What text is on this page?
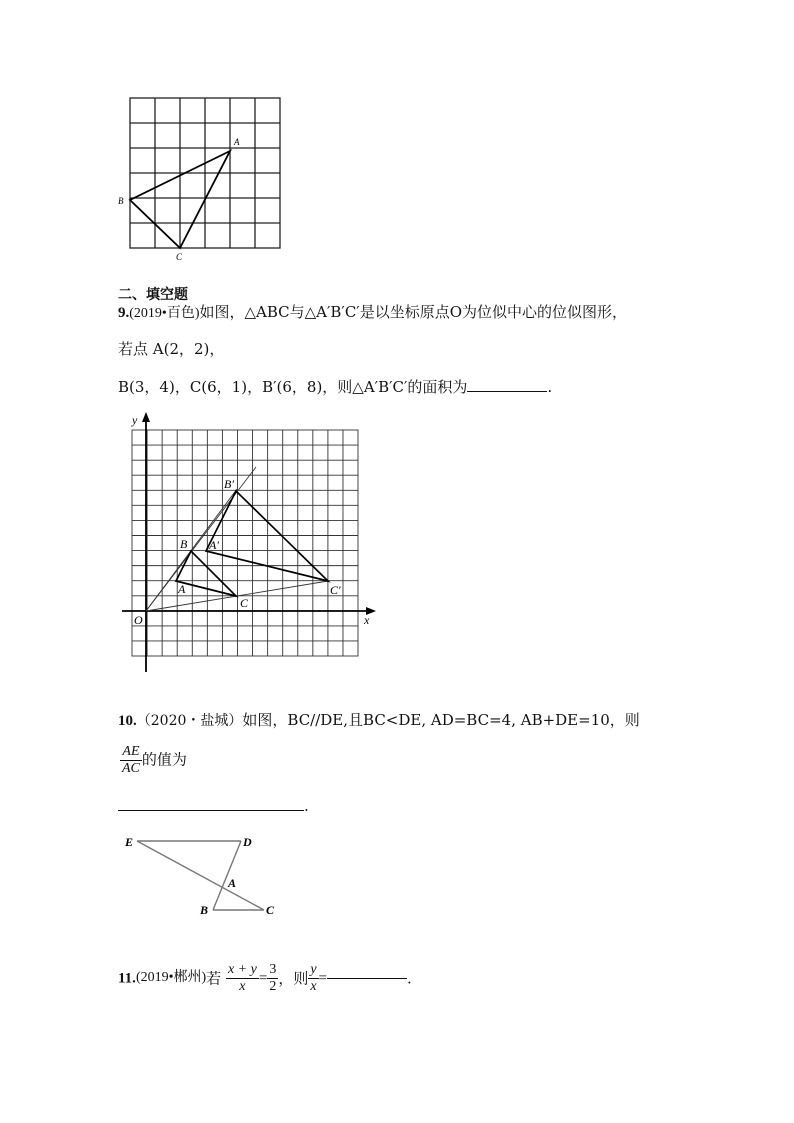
A
B
C
二、填空题
9.(2019•百色)如图，△ABC与△A′B′C′是以坐标原点O为位似中心的位似图形，
若点 A(2，2)，
B(3，4)，C(6，1)，B′(6，8)，则△A′B′C′的面积为	.
y
x
O
A
B
C
A′
B′
C′
10.（2020・盐城）如图，BC//DE,且BC<DE, AD=BC=4, AB+DE=10，则
$\frac{AE}{AC}$ 的值为
.
E	D
A
B	C
11.(2019•郴州)若 $\frac{x + y}{x} = \frac{3}{2}$ ，则 $\frac{y}{x}$ =	.
